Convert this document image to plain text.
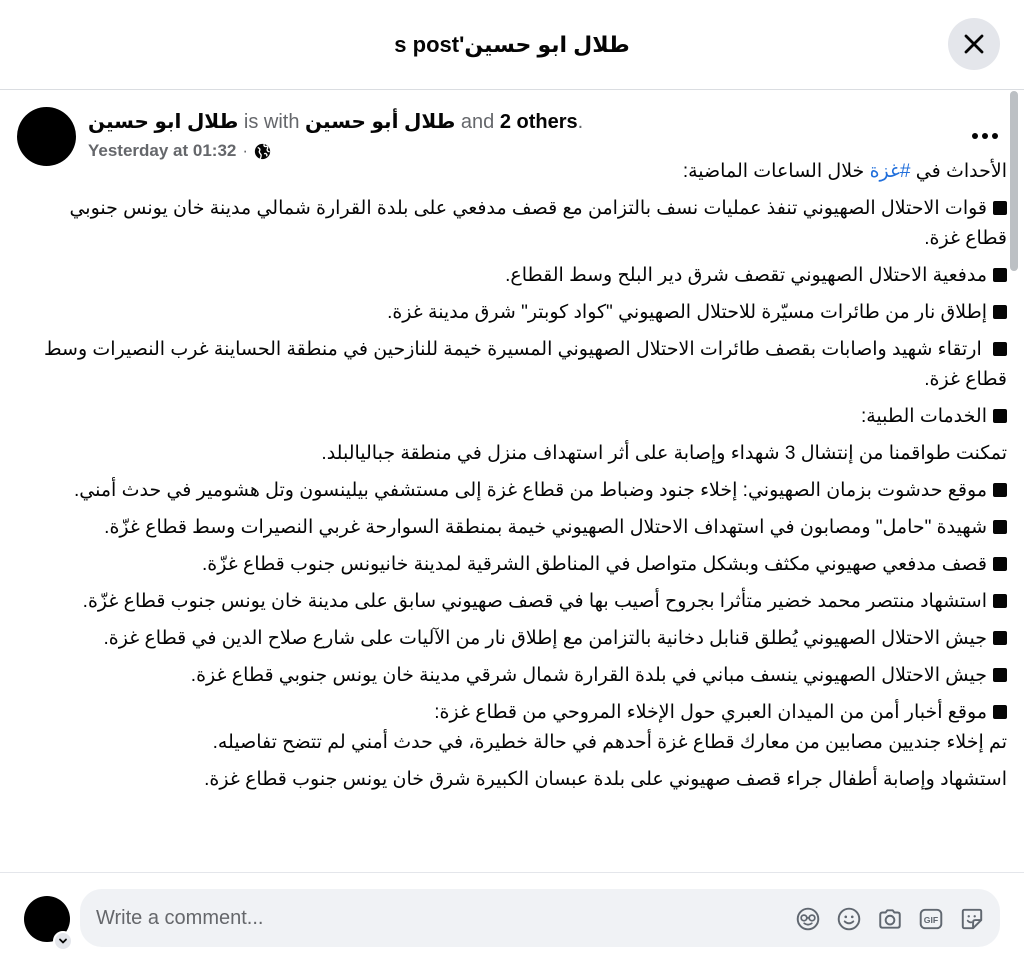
طلال ابو حسين's post
طلال ابو حسين is with طلال أبو حسين and 2 others.
Yesterday at 01:32 ·

الأحداث في #غزة خلال الساعات الماضية:

قوات الاحتلال الصهيوني تنفذ عمليات نسف بالتزامن مع قصف مدفعي على بلدة القرارة شمالي مدينة خان يونس جنوبي قطاع غزة.

مدفعية الاحتلال الصهيوني تقصف شرق دير البلح وسط القطاع.

إطلاق نار من طائرات مسيّرة للاحتلال الصهيوني "كواد كوبتر" شرق مدينة غزة.

ارتقاء شهيد واصابات بقصف طائرات الاحتلال الصهيوني المسيرة خيمة للنازحين في منطقة الحساينة غرب النصيرات وسط قطاع غزة.

الخدمات الطبية:

تمكنت طواقمنا من إنتشال 3 شهداء وإصابة على أثر استهداف منزل في منطقة جباليالبلد.

موقع حدشوت بزمان الصهيوني: إخلاء جنود وضباط من قطاع غزة إلى مستشفي بيلينسون وتل هشومير في حدث أمني.

شهيدة "حامل" ومصابون في استهداف الاحتلال الصهيوني خيمة بمنطقة السوارحة غربي النصيرات وسط قطاع غزّة.

قصف مدفعي صهيوني مكثف وبشكل متواصل في المناطق الشرقية لمدينة خانيونس جنوب قطاع غزّة.

استشهاد منتصر محمد خضير متأثرا بجروح أصيب بها في قصف صهيوني سابق على مدينة خان يونس جنوب قطاع غزّة.

جيش الاحتلال الصهيوني يُطلق قنابل دخانية بالتزامن مع إطلاق نار من الآليات على شارع صلاح الدين في قطاع غزة.

جيش الاحتلال الصهيوني ينسف مباني في بلدة القرارة شمال شرقي مدينة خان يونس جنوبي قطاع غزة.

موقع أخبار أمن من الميدان العبري حول الإخلاء المروحي من قطاع غزة:

تم إخلاء جنديين مصابين من معارك قطاع غزة أحدهم في حالة خطيرة، في حدث أمني لم تتضح تفاصيله.

استشهاد وإصابة أطفال جراء قصف صهيوني على بلدة عبسان الكبيرة شرق خان يونس جنوب قطاع غزة.

Write a comment...
GIF
